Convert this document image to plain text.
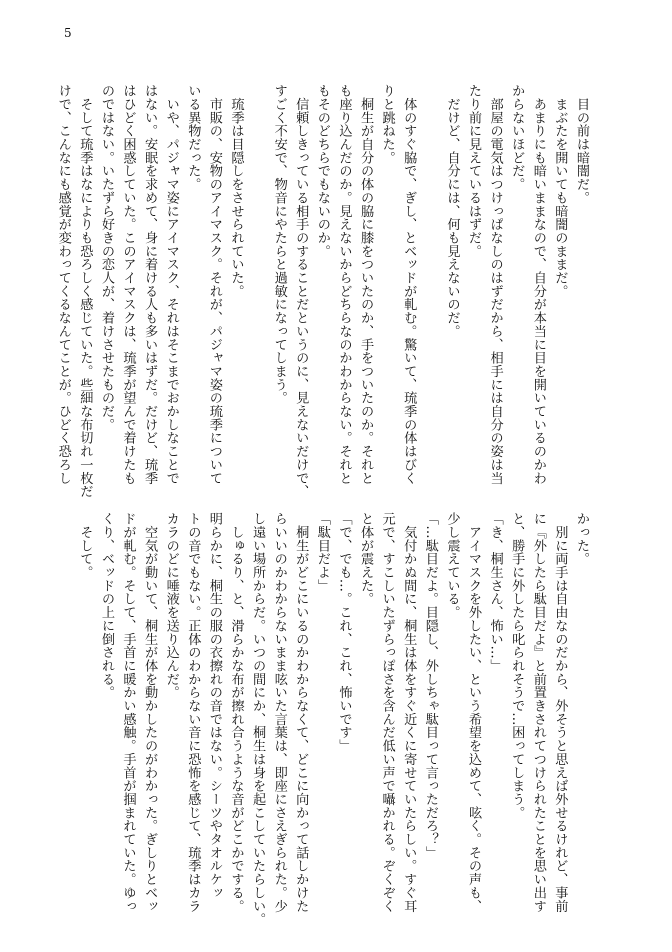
5
　目の前は暗闇だ。
　まぶたを開いても暗闇のままだ。
　あまりにも暗いままなので、自分が本当に目を開いているのかわ
からないほどだ。
　部屋の電気はつけっぱなしのはずだから、相手には自分の姿は当
たり前に見えているはずだ。
　だけど、自分には、何も見えないのだ。

　体のすぐ脇で、ぎし、とベッドが軋む。驚いて、琉季の体はびく
りと跳ねた。
　桐生が自分の体の脇に膝をついたのか、手をついたのか。それと
も座り込んだのか。見えないからどちらなのかわからない。それと
もそのどちらでもないのか。
　信頼しきっている相手のすることだというのに、見えないだけで、
すごく不安で、物音にやたらと過敏になってしまう。

　琉季は目隠しをさせられていた。
　市販の、安物のアイマスク。それが、パジャマ姿の琉季について
いる異物だった。
　いや、パジャマ姿にアイマスク、それはそこまでおかしなことで
はない。安眠を求めて、身に着ける人も多いはずだ。だけど、琉季
はひどく困惑していた。このアイマスクは、琉季が望んで着けたも
のではない。いたずら好きの恋人が、着けさせたものだ。
　そして琉季はなによりも恐ろしく感じていた。些細な布切れ一枚だ
けで、こんなにも感覚が変わってくるなんてことが。ひどく恐ろし
かった。
　別に両手は自由なのだから、外そうと思えば外せるけれど、事前
に『外したら駄目だよ』と前置きされてつけられたことを思い出す
と、勝手に外したら叱られそうで…困ってしまう。
「き、桐生さん、怖い…」
　アイマスクを外したい、という希望を込めて、呟く。その声も、
少し震えている。
「…駄目だよ。目隠し、外しちゃ駄目って言っただろ？」
　気付かぬ間に、桐生は体をすぐ近くに寄せていたらしい。すぐ耳
元で、すこしいたずらっぽさを含んだ低い声で囁かれる。ぞくぞく
と体が震えた。
「で、でも…。これ、これ、怖いです」
「駄目だよ」
　桐生がどこにいるのかわからなくて、どこに向かって話しかけた
らいいのかわからないまま呟いた言葉は、即座にさえぎられた。少
し遠い場所からだ。いつの間にか、桐生は身を起こしていたらしい。
　しゅるり、と、滑らかな布が擦れ合うような音がどこかでする。
明らかに、桐生の服の衣擦れの音ではない。シーツやタオルケッ
トの音でもない。正体のわからない音に恐怖を感じて、琉季はカラ
カラのどに唾液を送り込んだ。
　空気が動いて、桐生が体を動かしたのがわかった。ぎしりとベッ
ドが軋む。そして、手首に暖かい感触。手首が掴まれていた。ゆっ
くり、ベッドの上に倒される。
　そして。
